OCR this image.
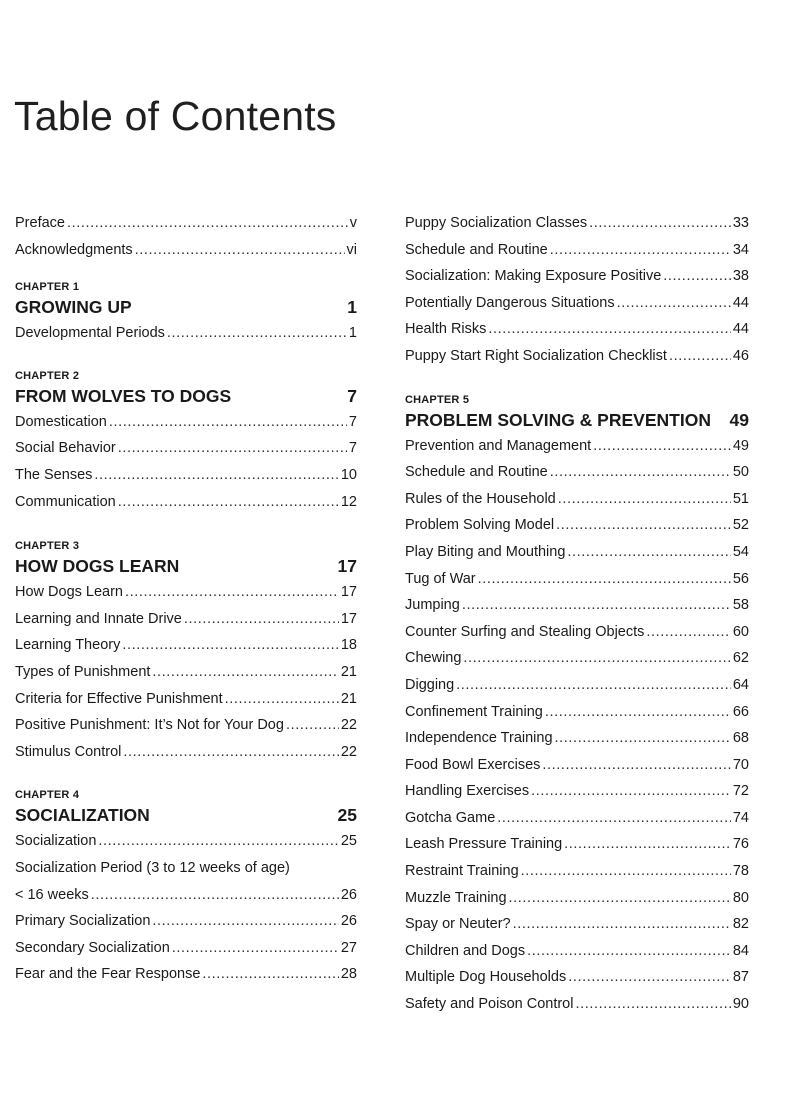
Table of Contents
Preface .....	v
Acknowledgments .....	vi
CHAPTER 1
GROWING UP	1
Developmental Periods .....	1
CHAPTER 2
FROM WOLVES TO DOGS	7
Domestication .....	7
Social Behavior .....	7
The Senses .....	10
Communication .....	12
CHAPTER 3
HOW DOGS LEARN	17
How Dogs Learn .....	17
Learning and Innate Drive .....	17
Learning Theory .....	18
Types of Punishment .....	21
Criteria for Effective Punishment .....	21
Positive Punishment: It’s Not for Your Dog .....	22
Stimulus Control .....	22
CHAPTER 4
SOCIALIZATION	25
Socialization .....	25
Socialization Period (3 to 12 weeks of age)
< 16 weeks .....	26
Primary Socialization .....	26
Secondary Socialization .....	27
Fear and the Fear Response .....	28
Puppy Socialization Classes .....	33
Schedule and Routine .....	34
Socialization: Making Exposure Positive .....	38
Potentially Dangerous Situations .....	44
Health Risks .....	44
Puppy Start Right Socialization Checklist .....	46
CHAPTER 5
PROBLEM SOLVING & PREVENTION 49
Prevention and Management .....	49
Schedule and Routine .....	50
Rules of the Household .....	51
Problem Solving Model .....	52
Play Biting and Mouthing .....	54
Tug of War .....	56
Jumping .....	58
Counter Surfing and Stealing Objects .....	60
Chewing .....	62
Digging .....	64
Confinement Training .....	66
Independence Training .....	68
Food Bowl Exercises .....	70
Handling Exercises .....	72
Gotcha Game .....	74
Leash Pressure Training .....	76
Restraint Training .....	78
Muzzle Training .....	80
Spay or Neuter? .....	82
Children and Dogs .....	84
Multiple Dog Households .....	87
Safety and Poison Control .....	90
